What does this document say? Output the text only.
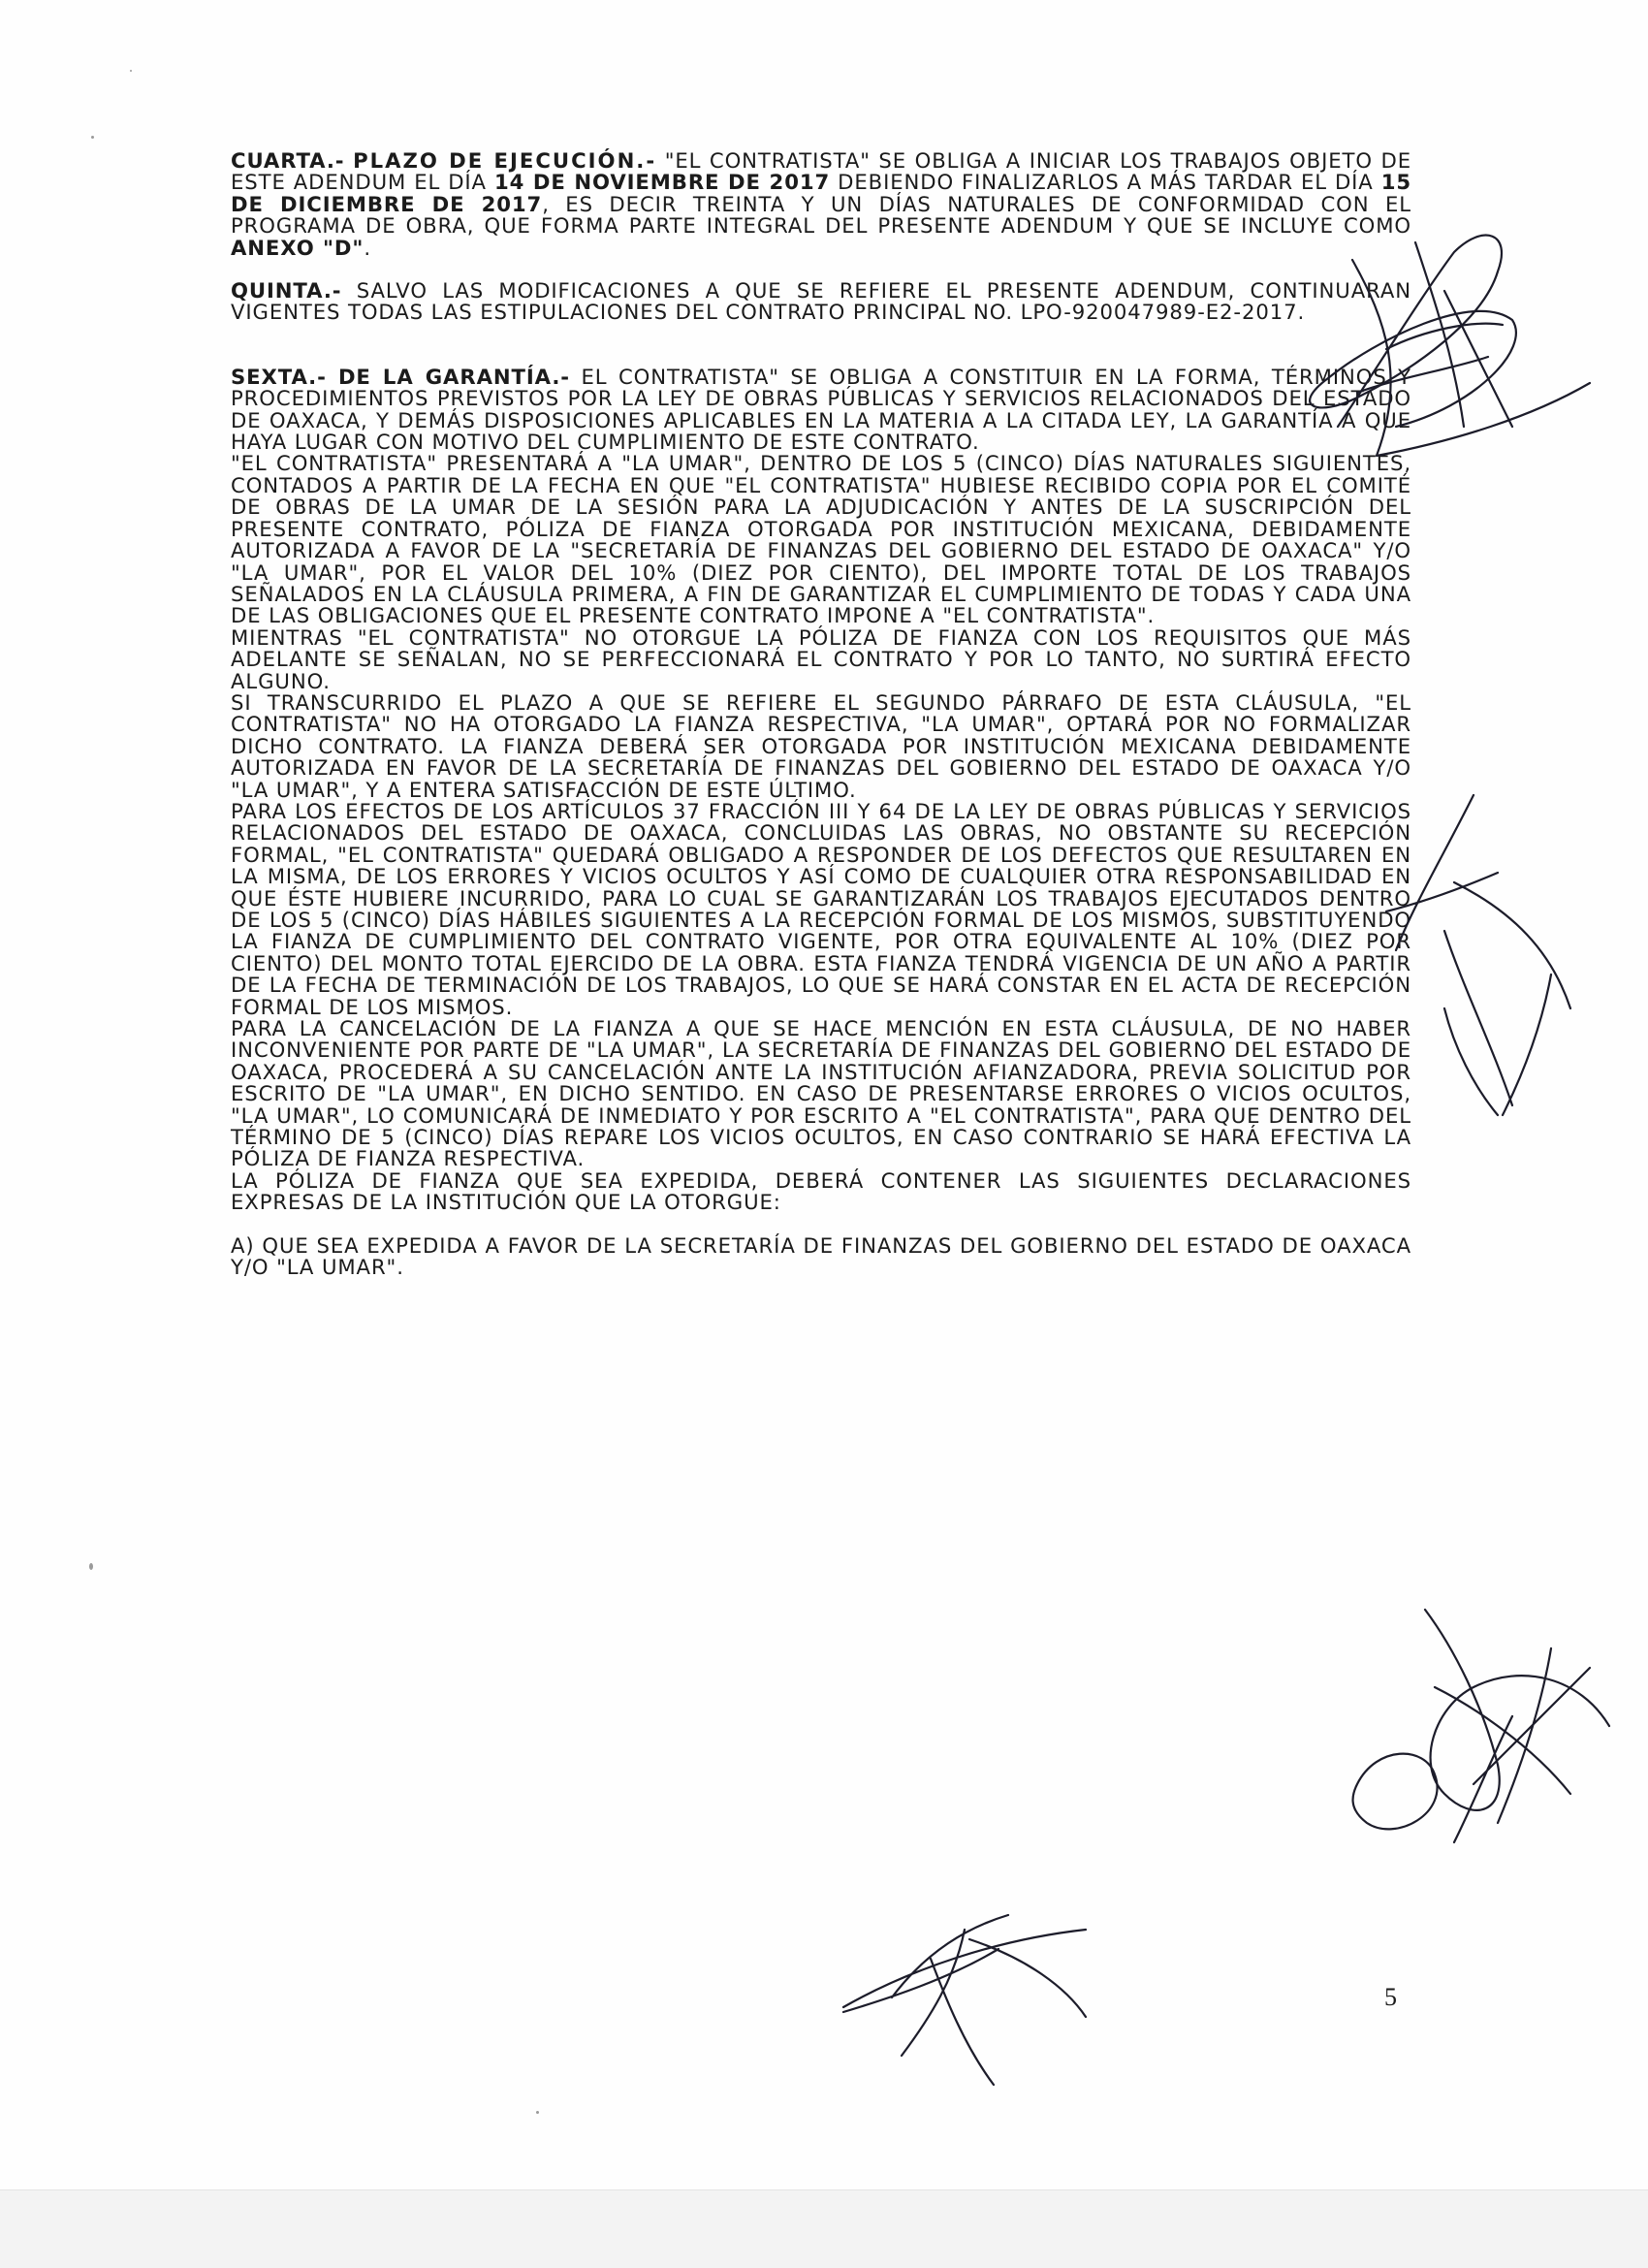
CUARTA.- PLAZO DE EJECUCIÓN.- "EL CONTRATISTA" SE OBLIGA A INICIAR LOS TRABAJOS OBJETO DE ESTE ADENDUM EL DÍA 14 DE NOVIEMBRE DE 2017 DEBIENDO FINALIZARLOS A MÁS TARDAR EL DÍA 15 DE DICIEMBRE DE 2017, ES DECIR TREINTA Y UN DÍAS NATURALES DE CONFORMIDAD CON EL PROGRAMA DE OBRA, QUE FORMA PARTE INTEGRAL DEL PRESENTE ADENDUM Y QUE SE INCLUYE COMO ANEXO "D".

QUINTA.- SALVO LAS MODIFICACIONES A QUE SE REFIERE EL PRESENTE ADENDUM, CONTINUARAN VIGENTES TODAS LAS ESTIPULACIONES DEL CONTRATO PRINCIPAL NO. LPO-920047989-E2-2017.

SEXTA.- DE LA GARANTÍA.- EL CONTRATISTA" SE OBLIGA A CONSTITUIR EN LA FORMA, TÉRMINOS Y PROCEDIMIENTOS PREVISTOS POR LA LEY DE OBRAS PÚBLICAS Y SERVICIOS RELACIONADOS DEL ESTADO DE OAXACA, Y DEMÁS DISPOSICIONES APLICABLES EN LA MATERIA A LA CITADA LEY, LA GARANTÍA A QUE HAYA LUGAR CON MOTIVO DEL CUMPLIMIENTO DE ESTE CONTRATO.

"EL CONTRATISTA" PRESENTARÁ A "LA UMAR", DENTRO DE LOS 5 (CINCO) DÍAS NATURALES SIGUIENTES, CONTADOS A PARTIR DE LA FECHA EN QUE "EL CONTRATISTA" HUBIESE RECIBIDO COPIA POR EL COMITÉ DE OBRAS DE LA UMAR DE LA SESIÓN PARA LA ADJUDICACIÓN Y ANTES DE LA SUSCRIPCIÓN DEL PRESENTE CONTRATO, PÓLIZA DE FIANZA OTORGADA POR INSTITUCIÓN MEXICANA, DEBIDAMENTE AUTORIZADA A FAVOR DE LA "SECRETARÍA DE FINANZAS DEL GOBIERNO DEL ESTADO DE OAXACA" Y/O "LA UMAR", POR EL VALOR DEL 10% (DIEZ POR CIENTO), DEL IMPORTE TOTAL DE LOS TRABAJOS SEÑALADOS EN LA CLÁUSULA PRIMERA, A FIN DE GARANTIZAR EL CUMPLIMIENTO DE TODAS Y CADA UNA DE LAS OBLIGACIONES QUE EL PRESENTE CONTRATO IMPONE A "EL CONTRATISTA".

MIENTRAS "EL CONTRATISTA" NO OTORGUE LA PÓLIZA DE FIANZA CON LOS REQUISITOS QUE MÁS ADELANTE SE SEÑALAN, NO SE PERFECCIONARÁ EL CONTRATO Y POR LO TANTO, NO SURTIRÁ EFECTO ALGUNO.

SI TRANSCURRIDO EL PLAZO A QUE SE REFIERE EL SEGUNDO PÁRRAFO DE ESTA CLÁUSULA, "EL CONTRATISTA" NO HA OTORGADO LA FIANZA RESPECTIVA, "LA UMAR", OPTARÁ POR NO FORMALIZAR DICHO CONTRATO. LA FIANZA DEBERÁ SER OTORGADA POR INSTITUCIÓN MEXICANA DEBIDAMENTE AUTORIZADA EN FAVOR DE LA SECRETARÍA DE FINANZAS DEL GOBIERNO DEL ESTADO DE OAXACA Y/O "LA UMAR", Y A ENTERA SATISFACCIÓN DE ESTE ÚLTIMO.

PARA LOS EFECTOS DE LOS ARTÍCULOS 37 FRACCIÓN III Y 64 DE LA LEY DE OBRAS PÚBLICAS Y SERVICIOS RELACIONADOS DEL ESTADO DE OAXACA, CONCLUIDAS LAS OBRAS, NO OBSTANTE SU RECEPCIÓN FORMAL, "EL CONTRATISTA" QUEDARÁ OBLIGADO A RESPONDER DE LOS DEFECTOS QUE RESULTAREN EN LA MISMA, DE LOS ERRORES Y VICIOS OCULTOS Y ASÍ COMO DE CUALQUIER OTRA RESPONSABILIDAD EN QUE ÉSTE HUBIERE INCURRIDO, PARA LO CUAL SE GARANTIZARÁN LOS TRABAJOS EJECUTADOS DENTRO DE LOS 5 (CINCO) DÍAS HÁBILES SIGUIENTES A LA RECEPCIÓN FORMAL DE LOS MISMOS, SUBSTITUYENDO LA FIANZA DE CUMPLIMIENTO DEL CONTRATO VIGENTE, POR OTRA EQUIVALENTE AL 10% (DIEZ POR CIENTO) DEL MONTO TOTAL EJERCIDO DE LA OBRA. ESTA FIANZA TENDRÁ VIGENCIA DE UN AÑO A PARTIR DE LA FECHA DE TERMINACIÓN DE LOS TRABAJOS, LO QUE SE HARÁ CONSTAR EN EL ACTA DE RECEPCIÓN FORMAL DE LOS MISMOS.

PARA LA CANCELACIÓN DE LA FIANZA A QUE SE HACE MENCIÓN EN ESTA CLÁUSULA, DE NO HABER INCONVENIENTE POR PARTE DE "LA UMAR", LA SECRETARÍA DE FINANZAS DEL GOBIERNO DEL ESTADO DE OAXACA, PROCEDERÁ A SU CANCELACIÓN ANTE LA INSTITUCIÓN AFIANZADORA, PREVIA SOLICITUD POR ESCRITO DE "LA UMAR", EN DICHO SENTIDO. EN CASO DE PRESENTARSE ERRORES O VICIOS OCULTOS, "LA UMAR", LO COMUNICARÁ DE INMEDIATO Y POR ESCRITO A "EL CONTRATISTA", PARA QUE DENTRO DEL TÉRMINO DE 5 (CINCO) DÍAS REPARE LOS VICIOS OCULTOS, EN CASO CONTRARIO SE HARÁ EFECTIVA LA PÓLIZA DE FIANZA RESPECTIVA.

LA PÓLIZA DE FIANZA QUE SEA EXPEDIDA, DEBERÁ CONTENER LAS SIGUIENTES DECLARACIONES EXPRESAS DE LA INSTITUCIÓN QUE LA OTORGUE:

A) QUE SEA EXPEDIDA A FAVOR DE LA SECRETARÍA DE FINANZAS DEL GOBIERNO DEL ESTADO DE OAXACA Y/O "LA UMAR".

5
